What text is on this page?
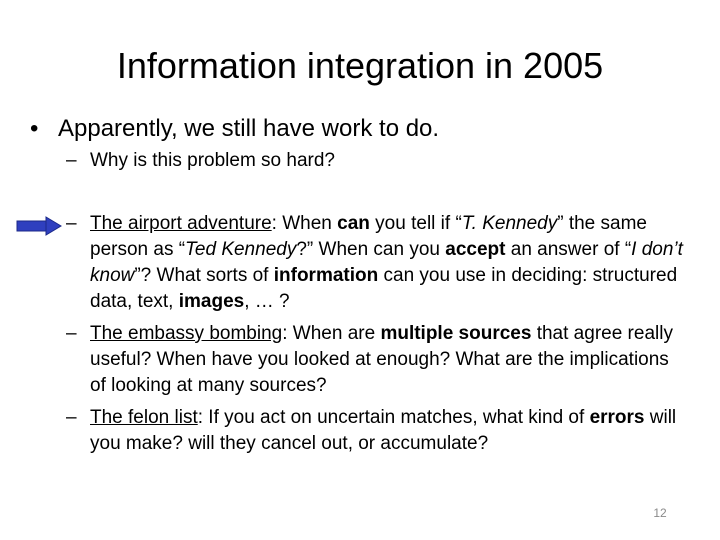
Information integration in 2005
• Apparently, we still have work to do.
– Why is this problem so hard?
– The airport adventure: When can you tell if “T. Kennedy” the same person as “Ted Kennedy?” When can you accept an answer of “I don’t know”? What sorts of information can you use in deciding: structured data, text, images, … ?
– The embassy bombing: When are multiple sources that agree really useful? When have you looked at enough? What are the implications of looking at many sources?
– The felon list: If you act on uncertain matches, what kind of errors will you make? will they cancel out, or accumulate?
12
